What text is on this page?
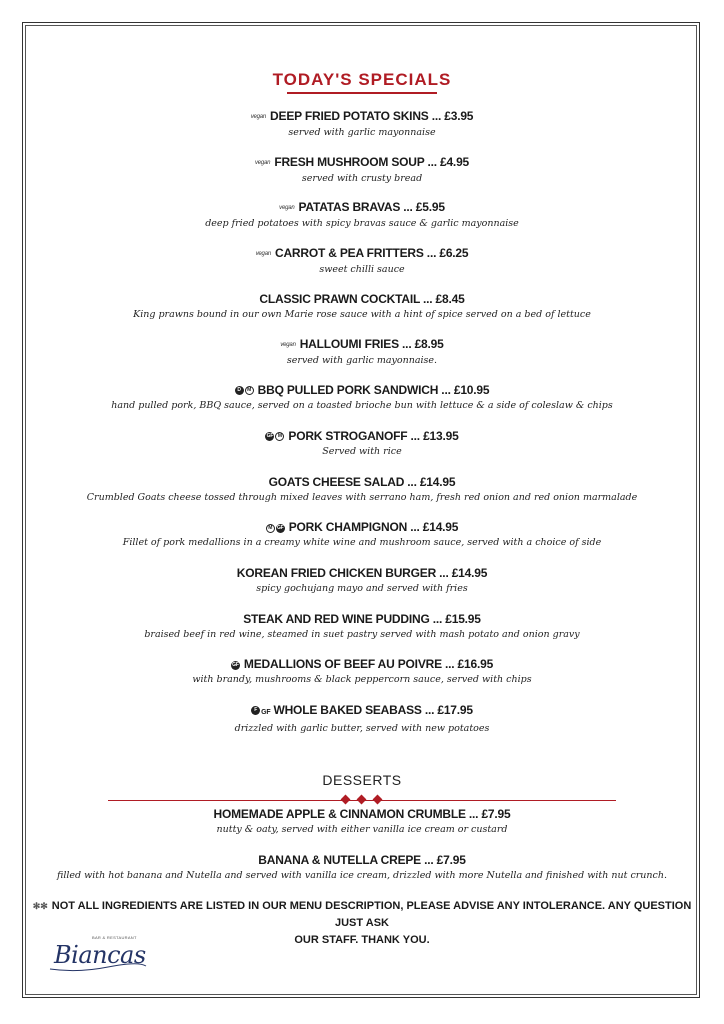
TODAY'S SPECIALS
vegan DEEP FRIED POTATO SKINS ... £3.95
served with garlic mayonnaise
vegan FRESH MUSHROOM SOUP ... £4.95
served with crusty bread
vegan PATATAS BRAVAS ... £5.95
deep fried potatoes with spicy bravas sauce & garlic mayonnaise
vegan CARROT & PEA FRITTERS ... £6.25
sweet chilli sauce
CLASSIC PRAWN COCKTAIL ... £8.45
King prawns bound in our own Marie rose sauce with a hint of spice served on a bed of lettuce
vegan HALLOUMI FRIES ... £8.95
served with garlic mayonnaise.
D M BBQ PULLED PORK SANDWICH ... £10.95
hand pulled pork, BBQ sauce, served on a toasted brioche bun with lettuce & a side of coleslaw & chips
GF M PORK STROGANOFF ... £13.95
Served with rice
GOATS CHEESE SALAD ... £14.95
Crumbled Goats cheese tossed through mixed leaves with serrano ham, fresh red onion and red onion marmalade
M GF PORK CHAMPIGNON ... £14.95
Fillet of pork medallions in a creamy white wine and mushroom sauce, served with a choice of side
KOREAN FRIED CHICKEN BURGER ... £14.95
spicy gochujang mayo and served with fries
STEAK AND RED WINE PUDDING ... £15.95
braised beef in red wine, steamed in suet pastry served with mash potato and onion gravy
GF MEDALLIONS OF BEEF AU POIVRE ... £16.95
with brandy, mushrooms & black peppercorn sauce, served with chips
F GF WHOLE BAKED SEABASS ... £17.95
drizzled with garlic butter, served with new potatoes
DESSERTS
HOMEMADE APPLE & CINNAMON CRUMBLE ... £7.95
nutty & oaty, served with either vanilla ice cream or custard
BANANA & NUTELLA CREPE ... £7.95
filled with hot banana and Nutella and served with vanilla ice cream, drizzled with more Nutella and finished with nut crunch.
✻✻ NOT ALL INGREDIENTS ARE LISTED IN OUR MENU DESCRIPTION, PLEASE ADVISE ANY INTOLERANCE. ANY QUESTION JUST ASK
OUR STAFF. THANK YOU.
BAR & RESTAURANT
Biancas
